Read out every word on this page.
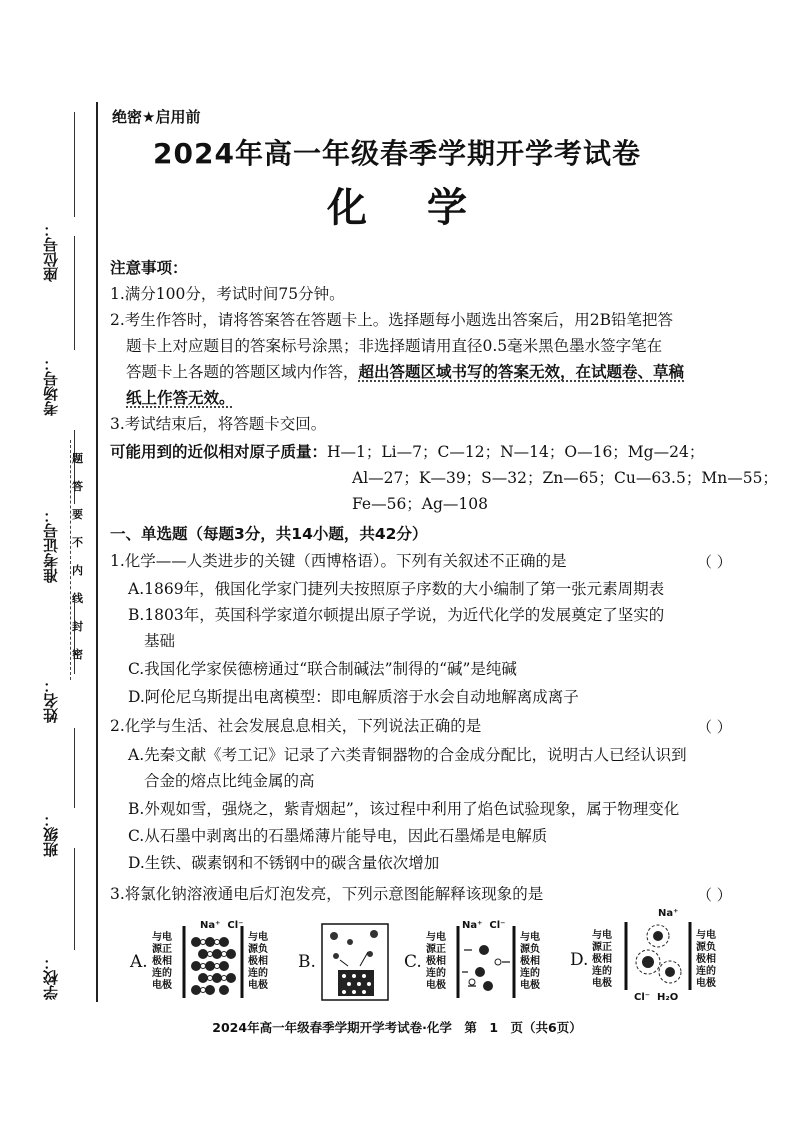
座位号：
考场号：
准考证号：
姓名：
班级：
学校：
题
答
要
不
内
线
封
密
绝密★启用前
2024年高一年级春季学期开学考试卷
化学
注意事项：
1.满分100分，考试时间75分钟。
2.考生作答时，请将答案答在答题卡上。选择题每小题选出答案后，用2B铅笔把答
题卡上对应题目的答案标号涂黑；非选择题请用直径0.5毫米黑色墨水签字笔在
答题卡上各题的答题区域内作答，超出答题区域书写的答案无效，在试题卷、草稿
纸上作答无效。
3.考试结束后，将答题卡交回。
可能用到的近似相对原子质量：H—1；Li—7；C—12；N—14；O—16；Mg—24；
Al—27；K—39；S—32；Zn—65；Cu—63.5；Mn—55；
Fe—56；Ag—108
一、单选题（每题3分，共14小题，共42分）
1.化学——人类进步的关键（西博格语）。下列有关叙述不正确的是	（ ）
A.1869年，俄国化学家门捷列夫按照原子序数的大小编制了第一张元素周期表
B.1803年，英国科学家道尔顿提出原子学说，为近代化学的发展奠定了坚实的
基础
C.我国化学家侯德榜通过“联合制碱法”制得的“碱”是纯碱
D.阿伦尼乌斯提出电离模型：即电解质溶于水会自动地解离成离子
2.化学与生活、社会发展息息相关，下列说法正确的是	（ ）
A.先秦文献《考工记》记录了六类青铜器物的合金成分配比，说明古人已经认识到
合金的熔点比纯金属的高
B.外观如雪，强烧之，紫青烟起”，该过程中利用了焰色试验现象，属于物理变化
C.从石墨中剥离出的石墨烯薄片能导电，因此石墨烯是电解质
D.生铁、碳素钢和不锈钢中的碳含量依次增加
3.将氯化钠溶液通电后灯泡发亮，下列示意图能解释该现象的是	（ ）
A.
与电源正极相连的电极
与电源负极相连的电极
Na⁺ Cl⁻
B.	C.
与电源正极相连的电极
与电源负极相连的电极
Na⁺ Cl⁻
D.
与电源正极相连的电极
与电源负极相连的电极
Na⁺
Cl⁻ H₂O
2024年高一年级春季学期开学考试卷·化学　第　1　页（共6页）
